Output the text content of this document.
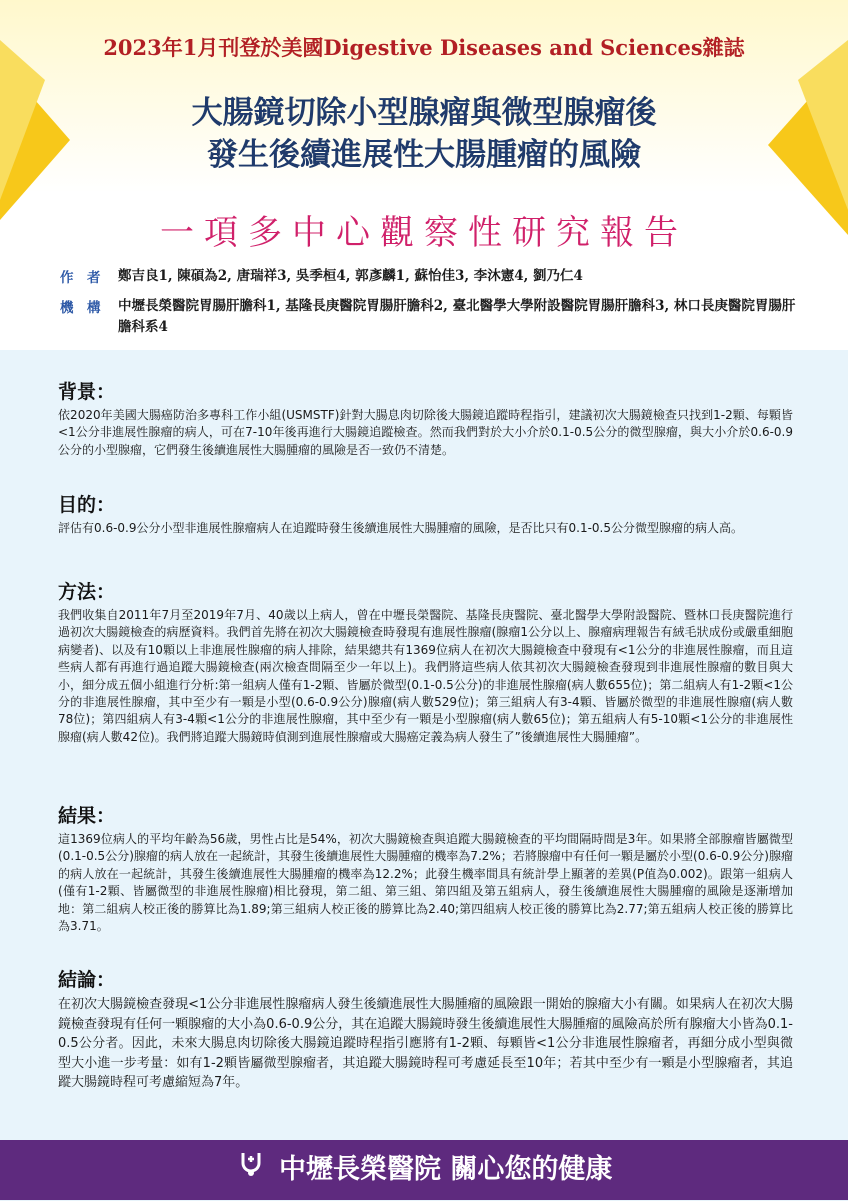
2023年1月刊登於美國Digestive Diseases and Sciences雜誌
大腸鏡切除小型腺瘤與微型腺瘤後
發生後續進展性大腸腫瘤的風險
一項多中心觀察性研究報告
作　者 鄭吉良1, 陳碩為2, 唐瑞祥3, 吳季桓4, 郭彥麟1, 蘇怡佳3, 李沐憲4, 劉乃仁4
機　構 中壢長榮醫院胃腸肝膽科1, 基隆長庚醫院胃腸肝膽科2, 臺北醫學大學附設醫院胃腸肝膽科3, 林口長庚醫院胃腸肝膽科系4
背景：
依2020年美國大腸癌防治多專科工作小組(USMSTF)針對大腸息肉切除後大腸鏡追蹤時程指引，建議初次大腸鏡檢查只找到1-2顆、每顆皆<1公分非進展性腺瘤的病人，可在7-10年後再進行大腸鏡追蹤檢查。然而我們對於大小介於0.1-0.5公分的微型腺瘤，與大小介於0.6-0.9公分的小型腺瘤，它們發生後續進展性大腸腫瘤的風險是否一致仍不清楚。
目的：
評估有0.6-0.9公分小型非進展性腺瘤病人在追蹤時發生後續進展性大腸腫瘤的風險，是否比只有0.1-0.5公分微型腺瘤的病人高。
方法：
我們收集自2011年7月至2019年7月、40歲以上病人，曾在中壢長榮醫院、基隆長庚醫院、臺北醫學大學附設醫院、暨林口長庚醫院進行過初次大腸鏡檢查的病歷資料。我們首先將在初次大腸鏡檢查時發現有進展性腺瘤(腺瘤1公分以上、腺瘤病理報告有絨毛狀成份或嚴重細胞病變者)、以及有10顆以上非進展性腺瘤的病人排除，結果總共有1369位病人在初次大腸鏡檢查中發現有<1公分的非進展性腺瘤，而且這些病人都有再進行過追蹤大腸鏡檢查(兩次檢查間隔至少一年以上)。我們將這些病人依其初次大腸鏡檢查發現到非進展性腺瘤的數目與大小，細分成五個小組進行分析:第一組病人僅有1-2顆、皆屬於微型(0.1-0.5公分)的非進展性腺瘤(病人數655位)；第二組病人有1-2顆<1公分的非進展性腺瘤，其中至少有一顆是小型(0.6-0.9公分)腺瘤(病人數529位)；第三組病人有3-4顆、皆屬於微型的非進展性腺瘤(病人數78位)；第四組病人有3-4顆<1公分的非進展性腺瘤，其中至少有一顆是小型腺瘤(病人數65位)；第五組病人有5-10顆<1公分的非進展性腺瘤(病人數42位)。我們將追蹤大腸鏡時偵測到進展性腺瘤或大腸癌定義為病人發生了”後續進展性大腸腫瘤”。
結果：
這1369位病人的平均年齡為56歲，男性占比是54%，初次大腸鏡檢查與追蹤大腸鏡檢查的平均間隔時間是3年。如果將全部腺瘤皆屬微型(0.1-0.5公分)腺瘤的病人放在一起統計，其發生後續進展性大腸腫瘤的機率為7.2%；若將腺瘤中有任何一顆是屬於小型(0.6-0.9公分)腺瘤的病人放在一起統計，其發生後續進展性大腸腫瘤的機率為12.2%；此發生機率間具有統計學上顯著的差異(P值為0.002)。跟第一組病人(僅有1-2顆、皆屬微型的非進展性腺瘤)相比發現，第二組、第三組、第四組及第五組病人，發生後續進展性大腸腫瘤的風險是逐漸增加地：第二組病人校正後的勝算比為1.89;第三組病人校正後的勝算比為2.40;第四組病人校正後的勝算比為2.77;第五組病人校正後的勝算比為3.71。
結論：
在初次大腸鏡檢查發現<1公分非進展性腺瘤病人發生後續進展性大腸腫瘤的風險跟一開始的腺瘤大小有關。如果病人在初次大腸鏡檢查發現有任何一顆腺瘤的大小為0.6-0.9公分，其在追蹤大腸鏡時發生後續進展性大腸腫瘤的風險高於所有腺瘤大小皆為0.1-0.5公分者。因此，未來大腸息肉切除後大腸鏡追蹤時程指引應將有1-2顆、每顆皆<1公分非進展性腺瘤者，再細分成小型與微型大小進一步考量：如有1-2顆皆屬微型腺瘤者，其追蹤大腸鏡時程可考慮延長至10年；若其中至少有一顆是小型腺瘤者，其追蹤大腸鏡時程可考慮縮短為7年。
中壢長榮醫院 關心您的健康
